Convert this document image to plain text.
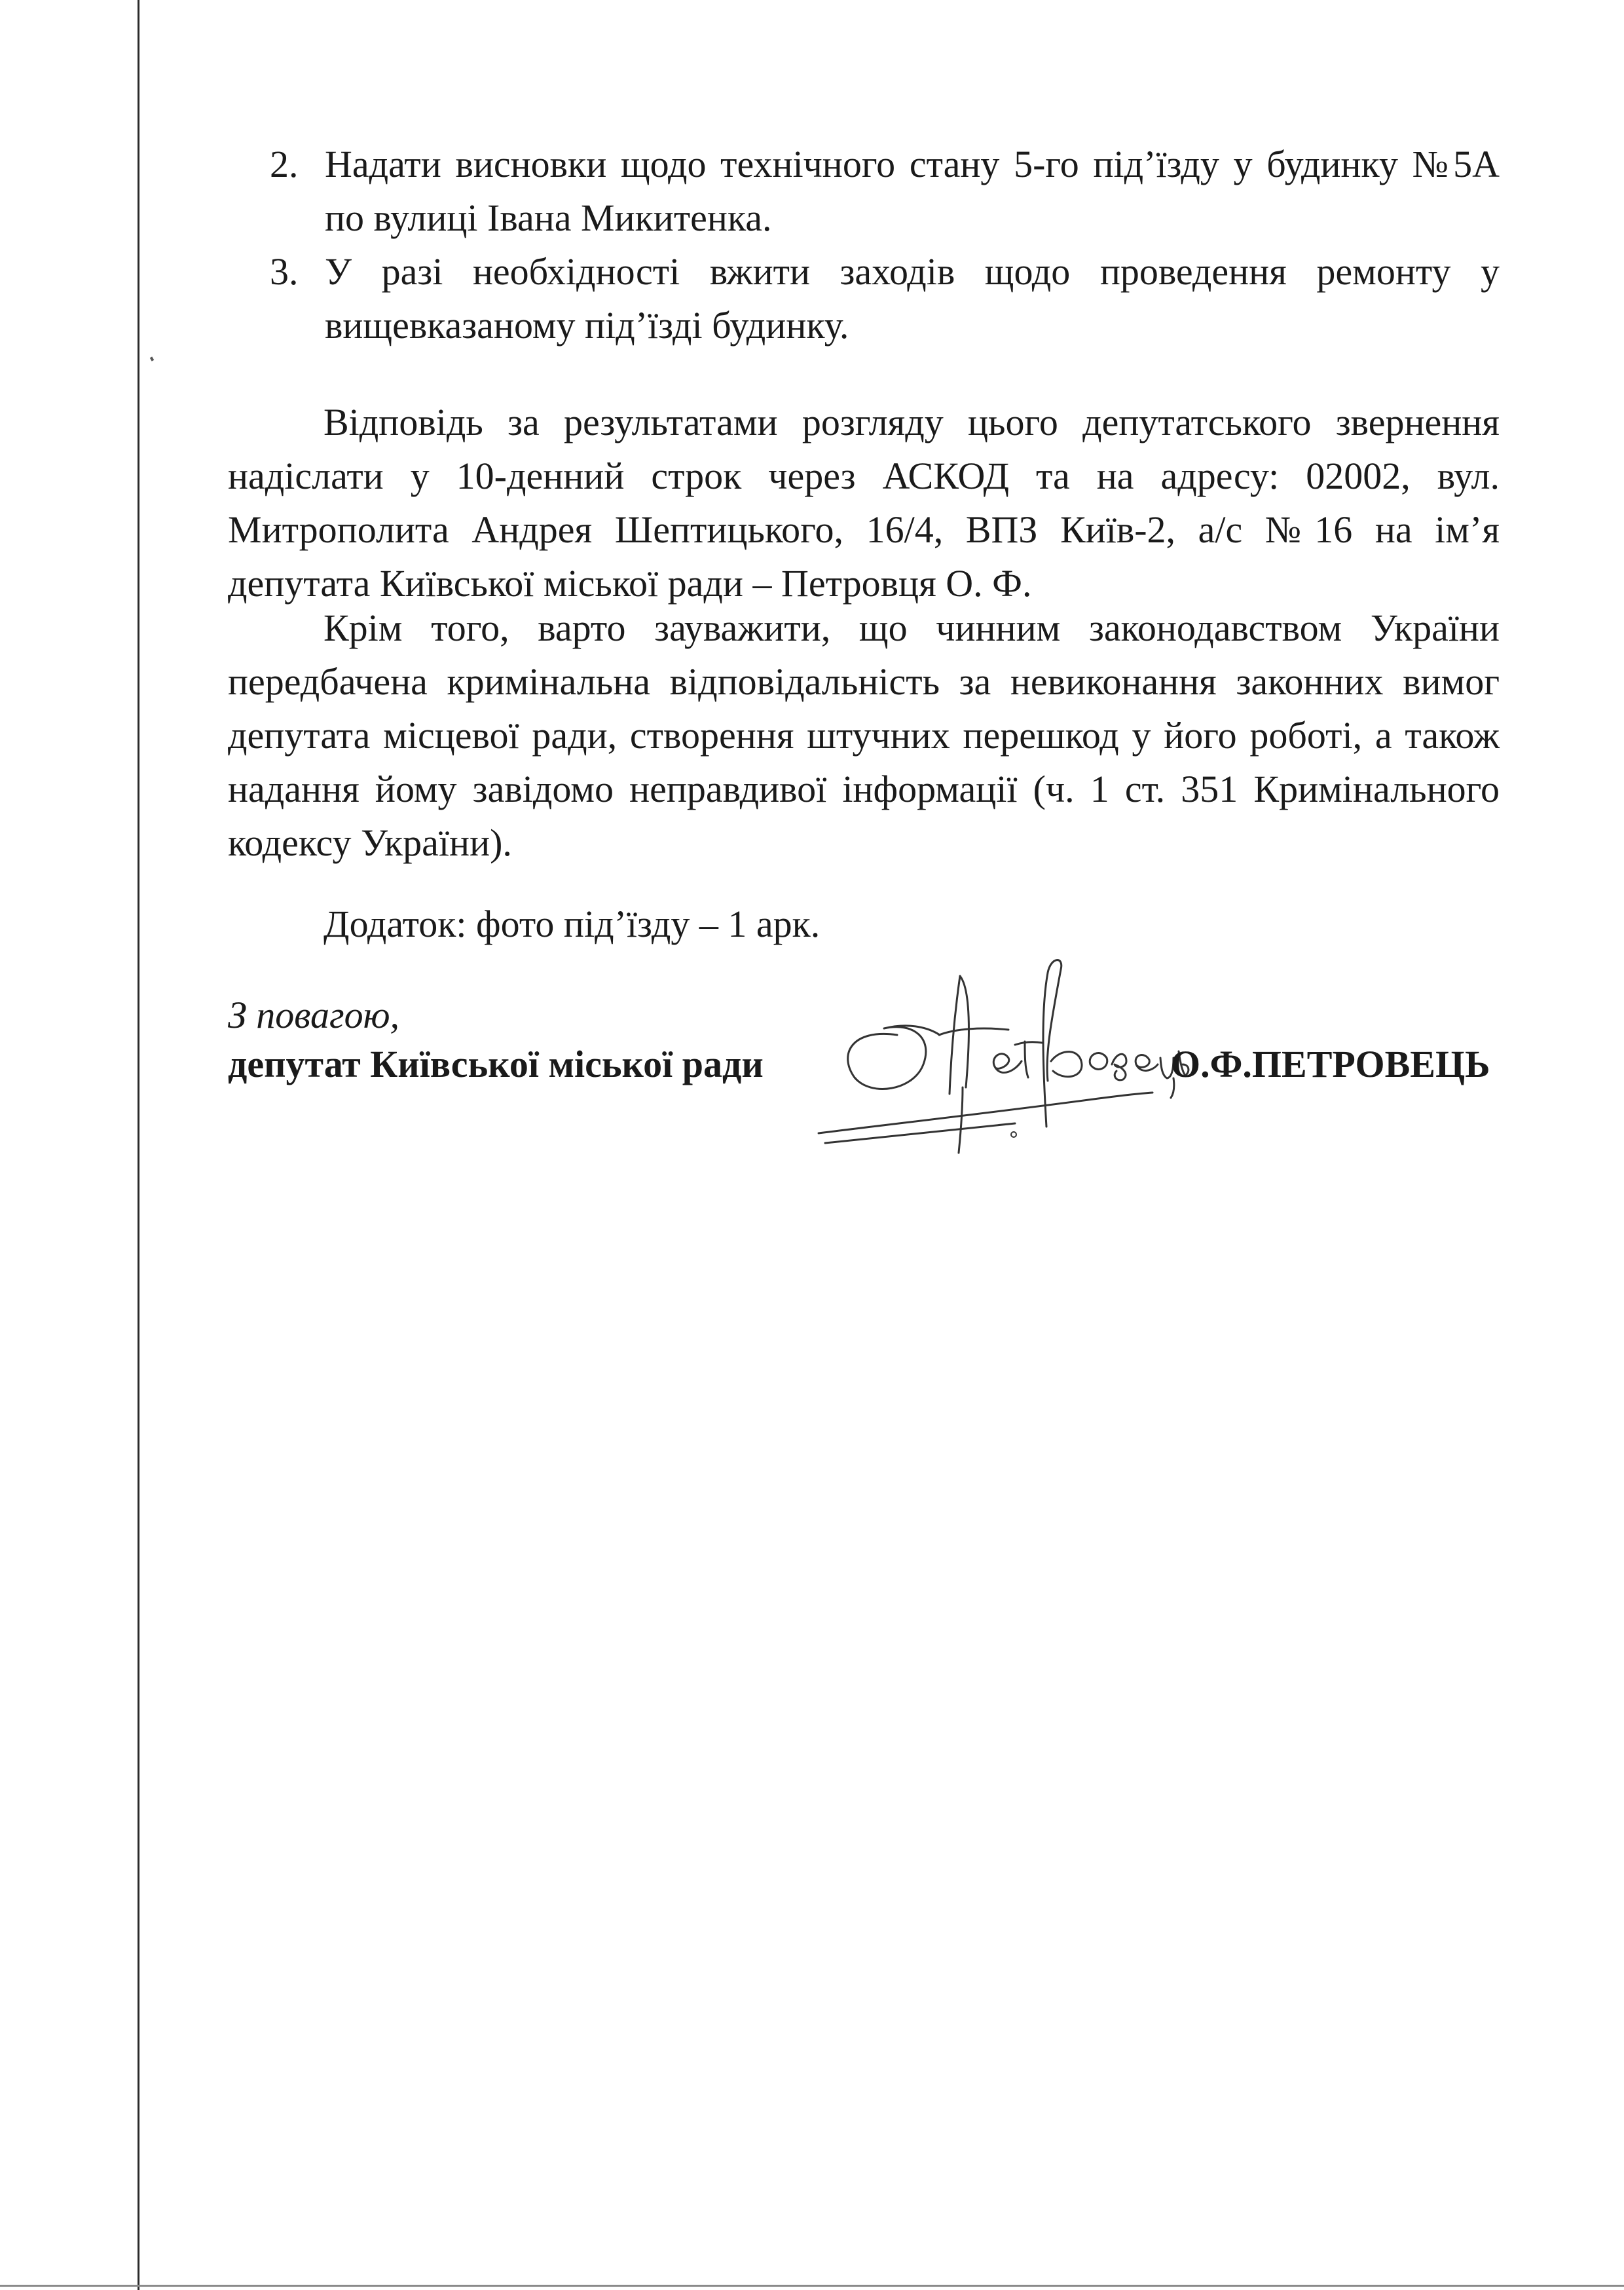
2. Надати висновки щодо технічного стану 5-го під’їзду у будинку №5А по вулиці Івана Микитенка.
3. У разі необхідності вжити заходів щодо проведення ремонту у вищевказаному під’їзді будинку.

Відповідь за результатами розгляду цього депутатського звернення надіслати у 10-денний строк через АСКОД та на адресу: 02002, вул. Митрополита Андрея Шептицького, 16/4, ВПЗ Київ-2, а/с №16 на ім’я депутата Київської міської ради – Петровця О. Ф.

Крім того, варто зауважити, що чинним законодавством України передбачена кримінальна відповідальність за невиконання законних вимог депутата місцевої ради, створення штучних перешкод у його роботі, а також надання йому завідомо неправдивої інформації (ч. 1 ст. 351 Кримінального кодексу України).

Додаток: фото під’їзду – 1 арк.
З повагою,
депутат Київської міської ради	О.Ф.ПЕТРОВЕЦЬ
